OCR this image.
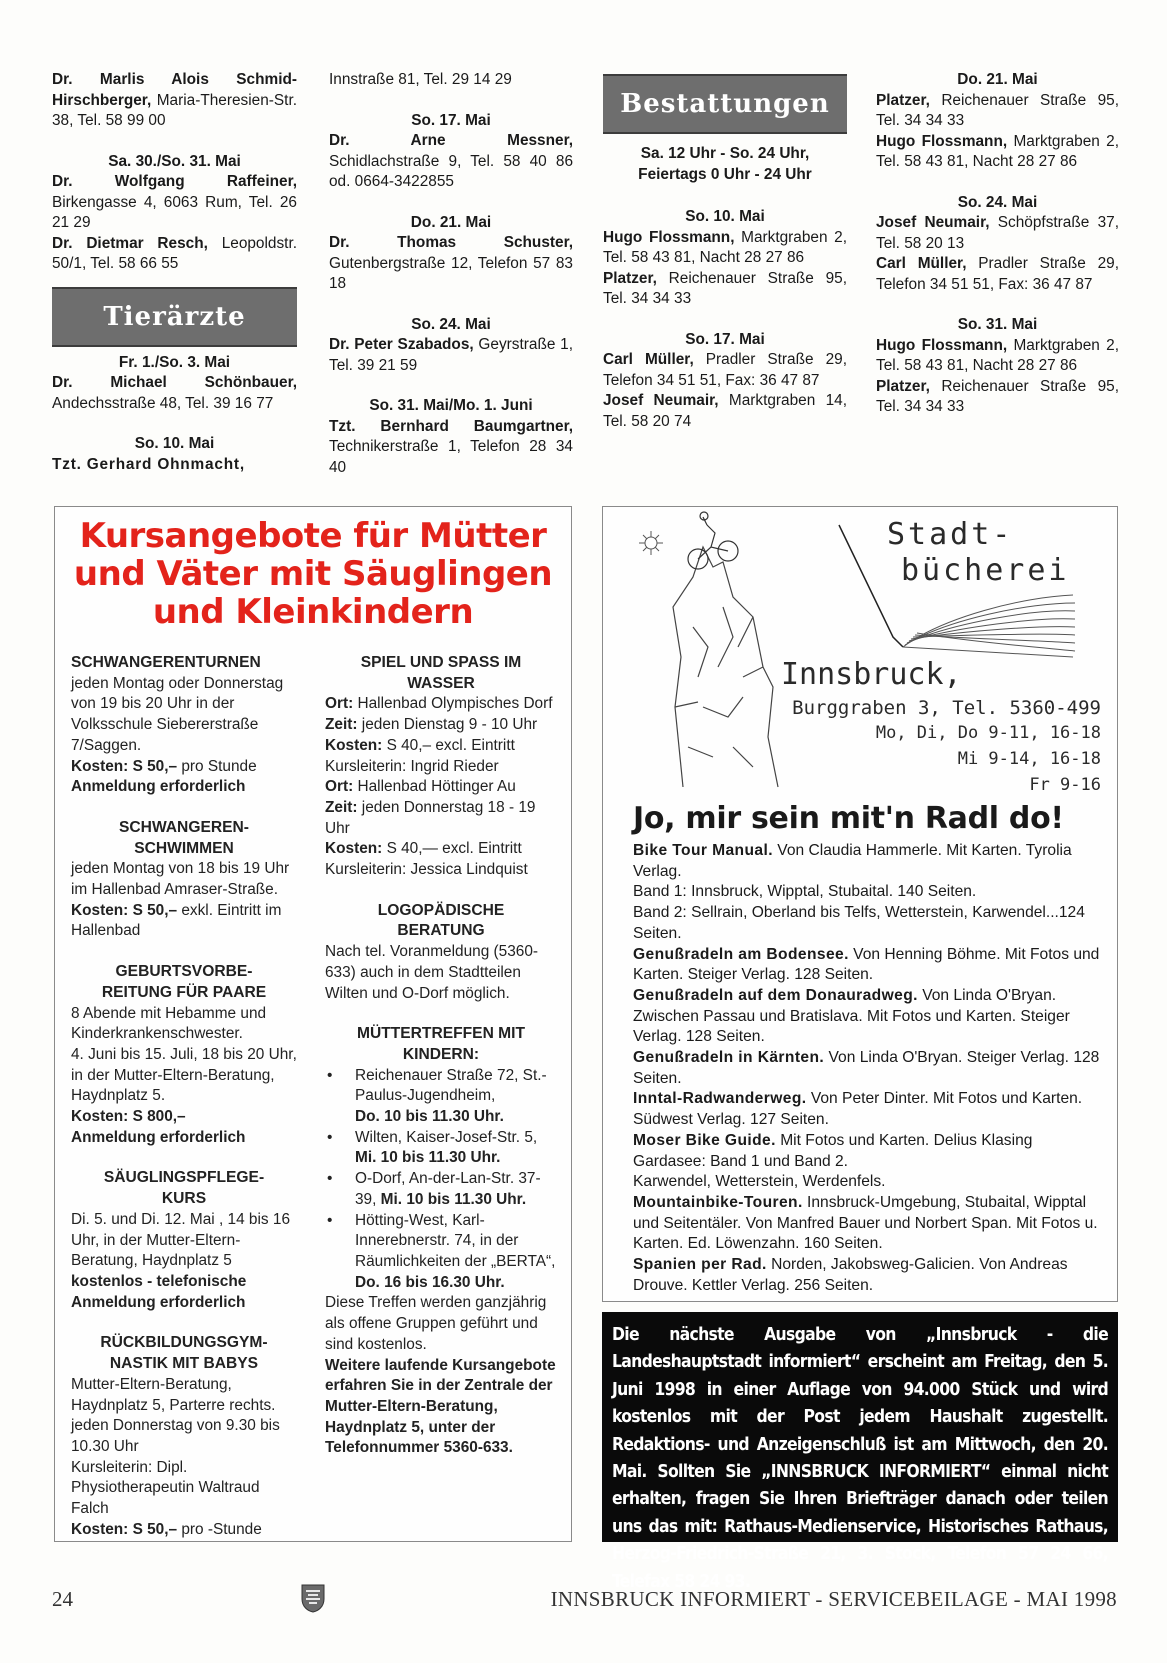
Dr. Marlis Alois Schmid-Hirschberger, Maria-Theresien-Str. 38, Tel. 58 99 00

Sa. 30./So. 31. Mai

Dr. Wolfgang Raffeiner, Birkengasse 4, 6063 Rum, Tel. 26 21 29

Dr. Dietmar Resch, Leopoldstr. 50/1, Tel. 58 66 55

Tierärzte

Fr. 1./So. 3. Mai

Dr. Michael Schönbauer, Andechsstraße 48, Tel. 39 16 77

So. 10. Mai

Tzt. Gerhard Ohnmacht,

Innstraße 81, Tel. 29 14 29

So. 17. Mai

Dr. Arne Messner, Schidlachstraße 9, Tel. 58 40 86 od. 0664-3422855

Do. 21. Mai

Dr. Thomas Schuster, Gutenbergstraße 12, Telefon 57 83 18

So. 24. Mai

Dr. Peter Szabados, Geyrstraße 1, Tel. 39 21 59

So. 31. Mai/Mo. 1. Juni

Tzt. Bernhard Baumgartner, Technikerstraße 1, Telefon 28 34 40

Bestattungen

Sa. 12 Uhr - So. 24 Uhr,

Feiertags 0 Uhr - 24 Uhr

So. 10. Mai

Hugo Flossmann, Marktgraben 2, Tel. 58 43 81, Nacht 28 27 86

Platzer, Reichenauer Straße 95, Tel. 34 34 33

So. 17. Mai

Carl Müller, Pradler Straße 29, Telefon 34 51 51, Fax: 36 47 87

Josef Neumair, Marktgraben 14, Tel. 58 20 74

Do. 21. Mai

Platzer, Reichenauer Straße 95, Tel. 34 34 33

Hugo Flossmann, Marktgraben 2, Tel. 58 43 81, Nacht 28 27 86

So. 24. Mai

Josef Neumair, Schöpfstraße 37, Tel. 58 20 13

Carl Müller, Pradler Straße 29, Telefon 34 51 51, Fax: 36 47 87

So. 31. Mai

Hugo Flossmann, Marktgraben 2, Tel. 58 43 81, Nacht 28 27 86

Platzer, Reichenauer Straße 95, Tel. 34 34 33

Kursangebote für Mütter
und Väter mit Säuglingen
und Kleinkindern
SCHWANGERENTURNEN

jeden Montag oder Donnerstag von 19 bis 20 Uhr in der Volksschule Siebererstraße 7/Saggen.

Kosten: S 50,– pro Stunde

Anmeldung erforderlich

SCHWANGEREN-
SCHWIMMEN

jeden Montag von 18 bis 19 Uhr im Hallenbad Amraser-Straße. Kosten: S 50,– exkl. Eintritt im Hallenbad

GEBURTSVORBE-
REITUNG FÜR PAARE

8 Abende mit Hebamme und Kinderkrankenschwester.

4. Juni bis 15. Juli, 18 bis 20 Uhr, in der Mutter-Eltern-Beratung, Haydnplatz 5.

Kosten: S 800,–

Anmeldung erforderlich

SÄUGLINGSPFLEGE-
KURS

Di. 5. und Di. 12. Mai , 14 bis 16 Uhr, in der Mutter-Eltern-Beratung, Haydnplatz 5

kostenlos - telefonische Anmeldung erforderlich

RÜCKBILDUNGSGYM-
NASTIK MIT BABYS

Mutter-Eltern-Beratung, Haydnplatz 5, Parterre rechts.

jeden Donnerstag von 9.30 bis 10.30 Uhr

Kursleiterin: Dipl. Physiotherapeutin Waltraud Falch

Kosten: S 50,– pro -Stunde

SPIEL UND SPASS IM
WASSER

Ort: Hallenbad Olympisches Dorf

Zeit: jeden Dienstag 9 - 10 Uhr

Kosten: S 40,– excl. Eintritt

Kursleiterin: Ingrid Rieder

Ort: Hallenbad Höttinger Au

Zeit: jeden Donnerstag 18 - 19 Uhr

Kosten: S 40,— excl. Eintritt

Kursleiterin: Jessica Lindquist

LOGOPÄDISCHE
BERATUNG

Nach tel. Voranmeldung (5360-633) auch in dem Stadtteilen Wilten und O-Dorf möglich.

MÜTTERTREFFEN MIT
KINDERN:
• Reichenauer Straße 72, St.-Paulus-Jugendheim,
Do. 10 bis 11.30 Uhr.
• Wilten, Kaiser-Josef-Str. 5,
Mi. 10 bis 11.30 Uhr.
• O-Dorf, An-der-Lan-Str. 37-39, Mi. 10 bis 11.30 Uhr.
• Hötting-West, Karl-Innerebnerstr. 74, in der Räumlichkeiten der „BERTA“,
Do. 16 bis 16.30 Uhr.

Diese Treffen werden ganzjährig als offene Gruppen geführt und sind kostenlos.

Weitere laufende Kursangebote erfahren Sie in der Zentrale der Mutter-Eltern-Beratung, Haydnplatz 5, unter der Telefonnummer 5360-633.

Stadt-
bücherei
Innsbruck,
Burggraben 3, Tel. 5360-499
Mo, Di, Do 9-11, 16-18
Mi 9-14, 16-18
Fr 9-16
Jo, mir sein mit'n Radl do!

Bike Tour Manual. Von Claudia Hammerle. Mit Karten. Tyrolia Verlag.

Band 1: Innsbruck, Wipptal, Stubaital. 140 Seiten.

Band 2: Sellrain, Oberland bis Telfs, Wetterstein, Karwendel...124 Seiten.

Genußradeln am Bodensee. Von Henning Böhme. Mit Fotos und Karten. Steiger Verlag. 128 Seiten.

Genußradeln auf dem Donauradweg. Von Linda O'Bryan. Zwischen Passau und Bratislava. Mit Fotos und Karten. Steiger Verlag. 128 Seiten.

Genußradeln in Kärnten. Von Linda O'Bryan. Steiger Verlag. 128 Seiten.

Inntal-Radwanderweg. Von Peter Dinter. Mit Fotos und Karten. Südwest Verlag. 127 Seiten.

Moser Bike Guide. Mit Fotos und Karten. Delius Klasing Gardasee: Band 1 und Band 2.

Karwendel, Wetterstein, Werdenfels.

Mountainbike-Touren. Innsbruck-Umgebung, Stubaital, Wipptal und Seitentäler. Von Manfred Bauer und Norbert Span. Mit Fotos u. Karten. Ed. Löwenzahn. 160 Seiten.

Spanien per Rad. Norden, Jakobsweg-Galicien. Von Andreas Drouve. Kettler Verlag. 256 Seiten.

Die nächste Ausgabe von „Innsbruck - die Landeshauptstadt informiert“ erscheint am Freitag, den 5. Juni 1998 in einer Auflage von 94.000 Stück und wird kostenlos mit der Post jedem Haushalt zugestellt. Redaktions- und Anzeigenschluß ist am Mittwoch, den 20. Mai. Sollten Sie „INNSBRUCK INFORMIERT“ einmal nicht erhalten, fragen Sie Ihren Briefträger danach oder teilen uns das mit: Rathaus-Medienservice, Historisches Rathaus, Herzog-Friedrich-Straße 21, 3. Stock, Telefon 57 24 66, Telefax 58 24 93.
24	INNSBRUCK INFORMIERT - SERVICEBEILAGE - MAI 1998
